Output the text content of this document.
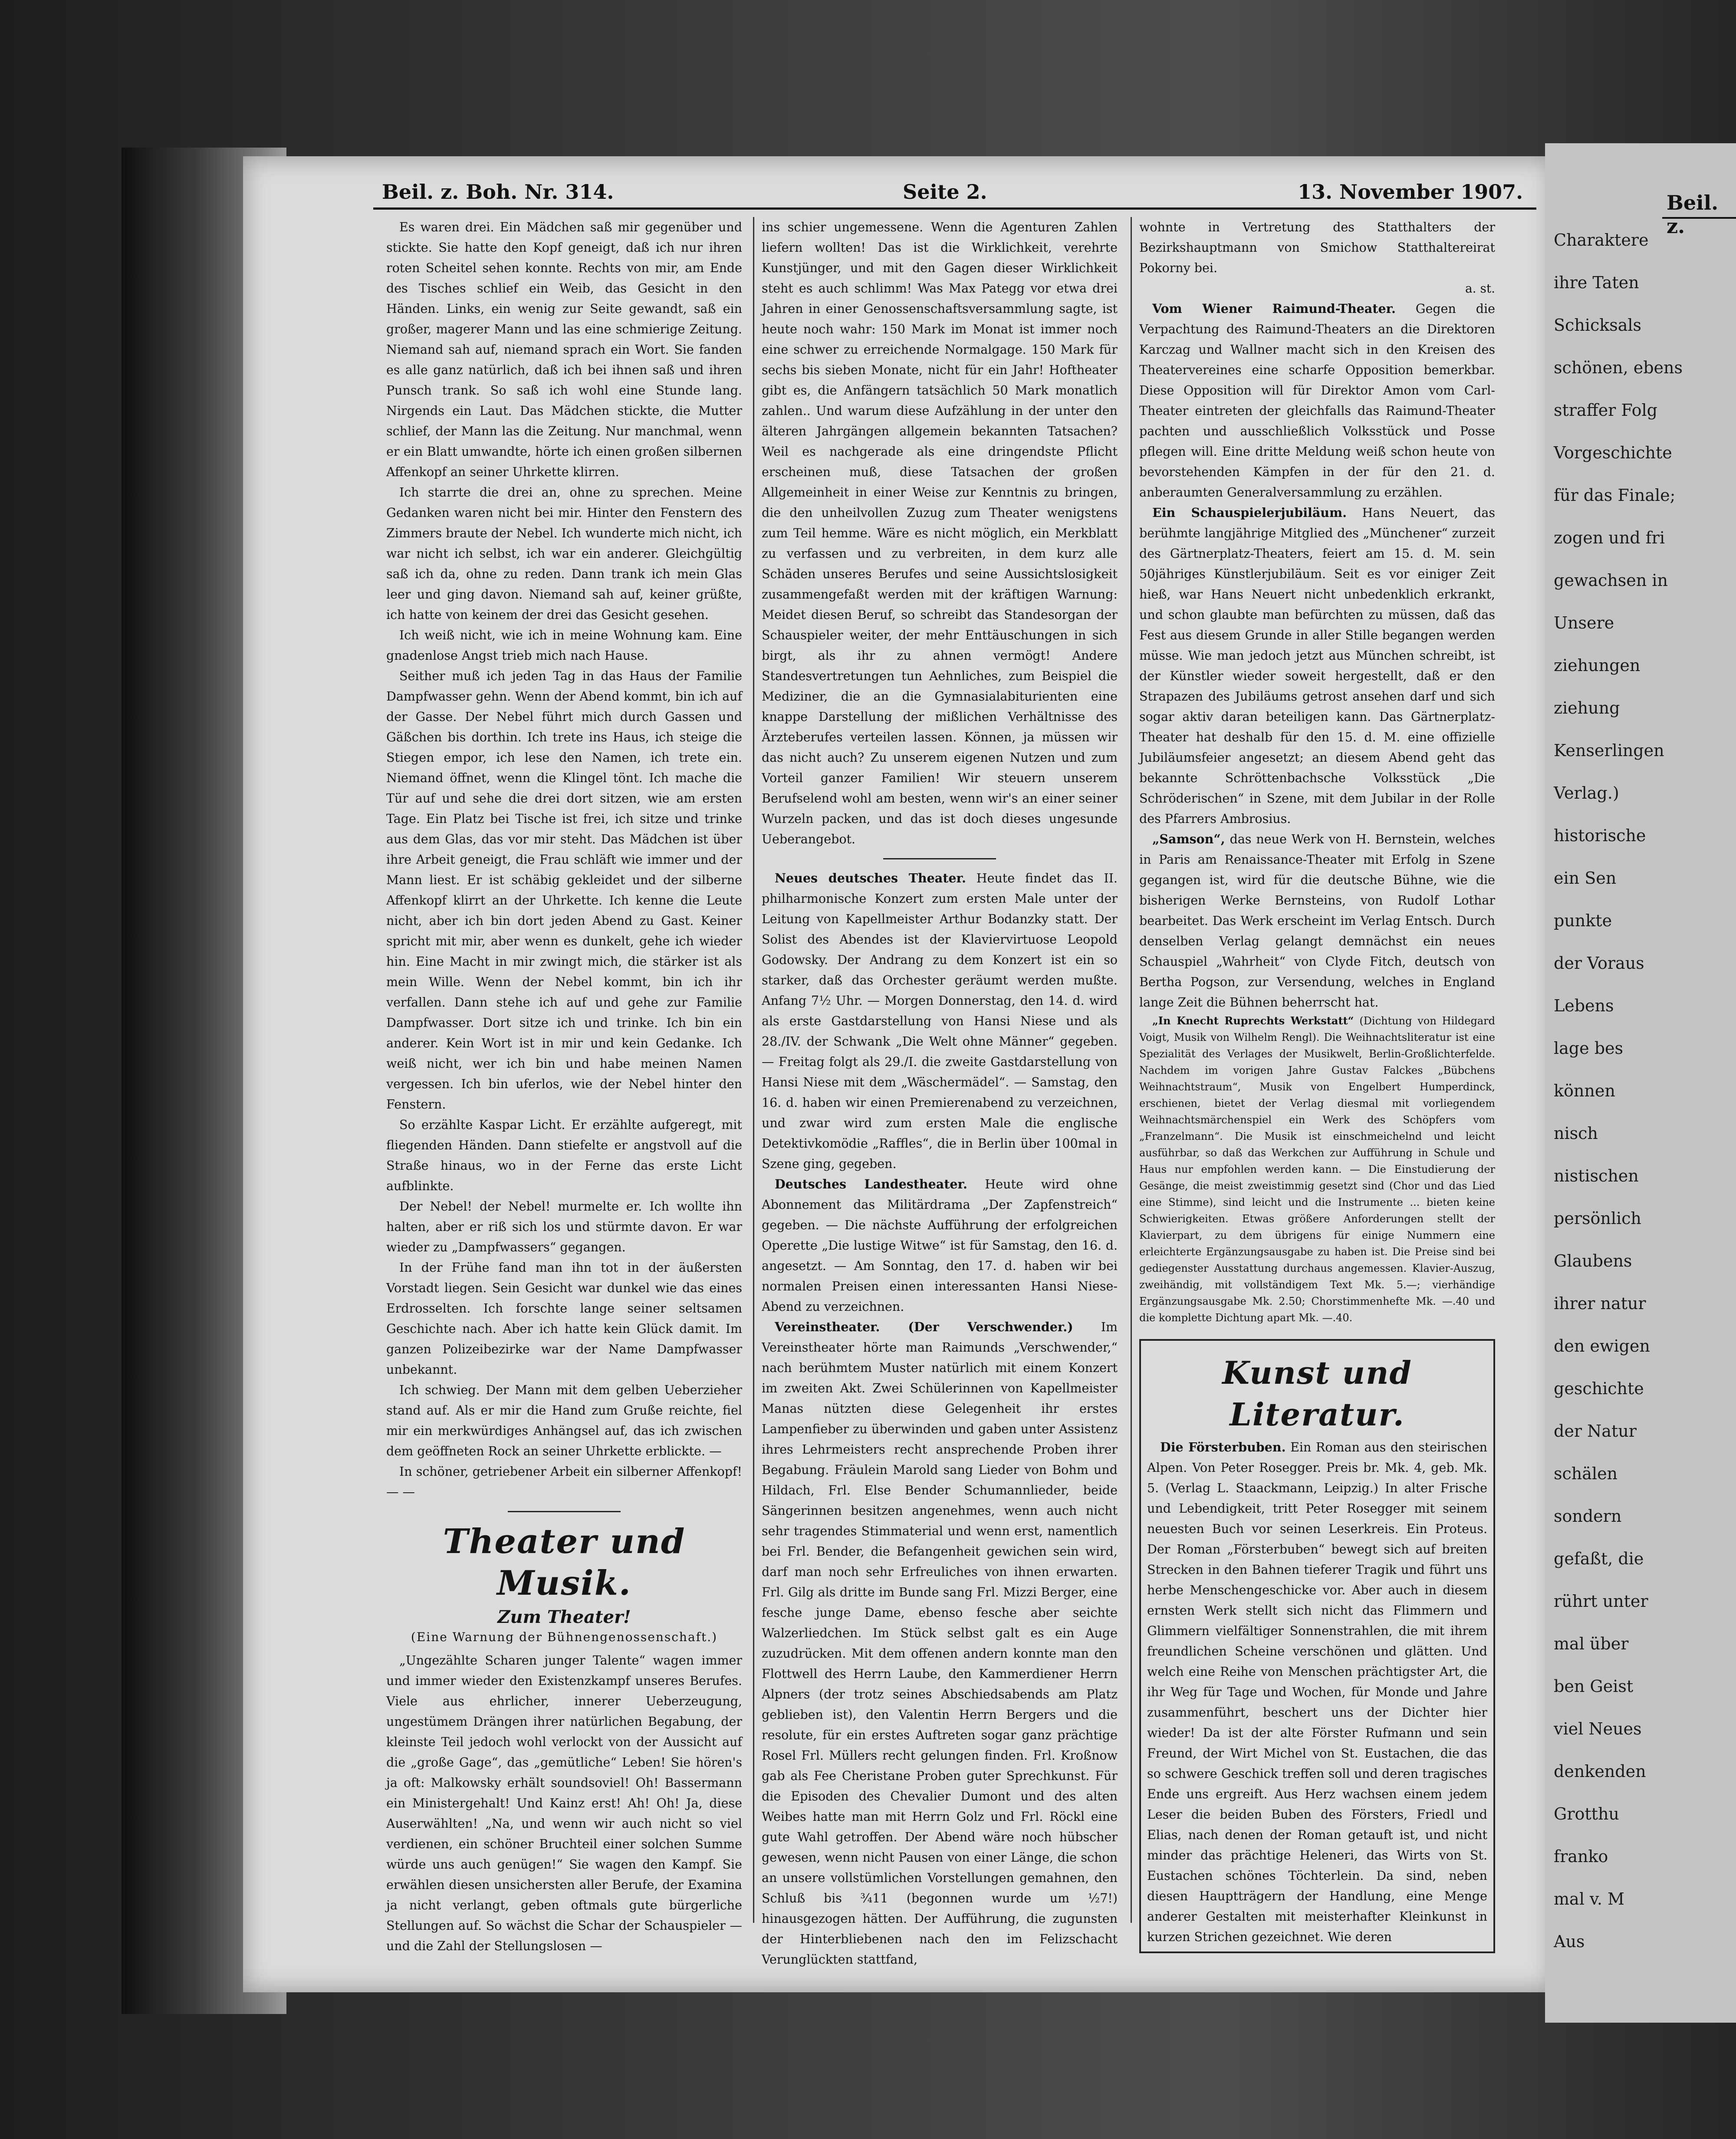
Beil. z. Boh. Nr. 314.	Seite 2.	13. November 1907.

Es waren drei. Ein Mädchen saß mir gegenüber und stickte. Sie hatte den Kopf geneigt, daß ich nur ihren roten Scheitel sehen konnte. Rechts von mir, am Ende des Tisches schlief ein Weib, das Gesicht in den Händen. Links, ein wenig zur Seite gewandt, saß ein großer, magerer Mann und las eine schmierige Zeitung. Niemand sah auf, niemand sprach ein Wort. Sie fanden es alle ganz natürlich, daß ich bei ihnen saß und ihren Punsch trank. So saß ich wohl eine Stunde lang. Nirgends ein Laut. Das Mädchen stickte, die Mutter schlief, der Mann las die Zeitung. Nur manchmal, wenn er ein Blatt umwandte, hörte ich einen großen silbernen Affenkopf an seiner Uhrkette klirren.

Ich starrte die drei an, ohne zu sprechen. Meine Gedanken waren nicht bei mir. Hinter den Fenstern des Zimmers braute der Nebel. Ich wunderte mich nicht, ich war nicht ich selbst, ich war ein anderer. Gleichgültig saß ich da, ohne zu reden. Dann trank ich mein Glas leer und ging davon. Niemand sah auf, keiner grüßte, ich hatte von keinem der drei das Gesicht gesehen.

Ich weiß nicht, wie ich in meine Wohnung kam. Eine gnadenlose Angst trieb mich nach Hause.

Seither muß ich jeden Tag in das Haus der Familie Dampfwasser gehn. Wenn der Abend kommt, bin ich auf der Gasse. Der Nebel führt mich durch Gassen und Gäßchen bis dorthin. Ich trete ins Haus, ich steige die Stiegen empor, ich lese den Namen, ich trete ein. Niemand öffnet, wenn die Klingel tönt. Ich mache die Tür auf und sehe die drei dort sitzen, wie am ersten Tage. Ein Platz bei Tische ist frei, ich sitze und trinke aus dem Glas, das vor mir steht. Das Mädchen ist über ihre Arbeit geneigt, die Frau schläft wie immer und der Mann liest. Er ist schäbig gekleidet und der silberne Affenkopf klirrt an der Uhrkette. Ich kenne die Leute nicht, aber ich bin dort jeden Abend zu Gast. Keiner spricht mit mir, aber wenn es dunkelt, gehe ich wieder hin. Eine Macht in mir zwingt mich, die stärker ist als mein Wille. Wenn der Nebel kommt, bin ich ihr verfallen. Dann stehe ich auf und gehe zur Familie Dampfwasser. Dort sitze ich und trinke. Ich bin ein anderer. Kein Wort ist in mir und kein Gedanke. Ich weiß nicht, wer ich bin und habe meinen Namen vergessen. Ich bin uferlos, wie der Nebel hinter den Fenstern.

So erzählte Kaspar Licht. Er erzählte aufgeregt, mit fliegenden Händen. Dann stiefelte er angstvoll auf die Straße hinaus, wo in der Ferne das erste Licht aufblinkte.

Der Nebel! der Nebel! murmelte er. Ich wollte ihn halten, aber er riß sich los und stürmte davon. Er war wieder zu „Dampfwassers“ gegangen.

In der Frühe fand man ihn tot in der äußersten Vorstadt liegen. Sein Gesicht war dunkel wie das eines Erdrosselten. Ich forschte lange seiner seltsamen Geschichte nach. Aber ich hatte kein Glück damit. Im ganzen Polizeibezirke war der Name Dampfwasser unbekannt.

Ich schwieg. Der Mann mit dem gelben Ueberzieher stand auf. Als er mir die Hand zum Gruße reichte, fiel mir ein merkwürdiges Anhängsel auf, das ich zwischen dem geöffneten Rock an seiner Uhrkette erblickte. —

In schöner, getriebener Arbeit ein silberner Affenkopf! — —

Theater und Musik.
Zum Theater!
(Eine Warnung der Bühnengenossenschaft.)

„Ungezählte Scharen junger Talente“ wagen immer und immer wieder den Existenzkampf unseres Berufes. Viele aus ehrlicher, innerer Ueberzeugung, ungestümem Drängen ihrer natürlichen Begabung, der kleinste Teil jedoch wohl verlockt von der Aussicht auf die „große Gage“, das „gemütliche“ Leben! Sie hören's ja oft: Malkowsky erhält soundsoviel! Oh! Bassermann ein Ministergehalt! Und Kainz erst! Ah! Oh! Ja, diese Auserwählten! „Na, und wenn wir auch nicht so viel verdienen, ein schöner Bruchteil einer solchen Summe würde uns auch genügen!“ Sie wagen den Kampf. Sie erwählen diesen unsichersten aller Berufe, der Examina ja nicht verlangt, geben oftmals gute bürgerliche Stellungen auf. So wächst die Schar der Schauspieler — und die Zahl der Stellungslosen —

ins schier ungemessene. Wenn die Agenturen Zahlen liefern wollten! Das ist die Wirklichkeit, verehrte Kunstjünger, und mit den Gagen dieser Wirklichkeit steht es auch schlimm! Was Max Pategg vor etwa drei Jahren in einer Genossenschaftsversammlung sagte, ist heute noch wahr: 150 Mark im Monat ist immer noch eine schwer zu erreichende Normalgage. 150 Mark für sechs bis sieben Monate, nicht für ein Jahr! Hoftheater gibt es, die Anfängern tatsächlich 50 Mark monatlich zahlen.. Und warum diese Aufzählung in der unter den älteren Jahrgängen allgemein bekannten Tatsachen? Weil es nachgerade als eine dringendste Pflicht erscheinen muß, diese Tatsachen der großen Allgemeinheit in einer Weise zur Kenntnis zu bringen, die den unheilvollen Zuzug zum Theater wenigstens zum Teil hemme. Wäre es nicht möglich, ein Merkblatt zu verfassen und zu verbreiten, in dem kurz alle Schäden unseres Berufes und seine Aussichtslosigkeit zusammengefaßt werden mit der kräftigen Warnung: Meidet diesen Beruf, so schreibt das Standesorgan der Schauspieler weiter, der mehr Enttäuschungen in sich birgt, als ihr zu ahnen vermögt! Andere Standesvertretungen tun Aehnliches, zum Beispiel die Mediziner, die an die Gymnasialabiturienten eine knappe Darstellung der mißlichen Verhältnisse des Ärzteberufes verteilen lassen. Können, ja müssen wir das nicht auch? Zu unserem eigenen Nutzen und zum Vorteil ganzer Familien! Wir steuern unserem Berufselend wohl am besten, wenn wir's an einer seiner Wurzeln packen, und das ist doch dieses ungesunde Ueberangebot.

Neues deutsches Theater. Heute findet das II. philharmonische Konzert zum ersten Male unter der Leitung von Kapellmeister Arthur Bodanzky statt. Der Solist des Abendes ist der Klaviervirtuose Leopold Godowsky. Der Andrang zu dem Konzert ist ein so starker, daß das Orchester geräumt werden mußte. Anfang 7½ Uhr. — Morgen Donnerstag, den 14. d. wird als erste Gastdarstellung von Hansi Niese und als 28./IV. der Schwank „Die Welt ohne Männer“ gegeben. — Freitag folgt als 29./I. die zweite Gastdarstellung von Hansi Niese mit dem „Wäschermädel“. — Samstag, den 16. d. haben wir einen Premierenabend zu verzeichnen, und zwar wird zum ersten Male die englische Detektivkomödie „Raffles“, die in Berlin über 100mal in Szene ging, gegeben.

Deutsches Landestheater. Heute wird ohne Abonnement das Militärdrama „Der Zapfenstreich“ gegeben. — Die nächste Aufführung der erfolgreichen Operette „Die lustige Witwe“ ist für Samstag, den 16. d. angesetzt. — Am Sonntag, den 17. d. haben wir bei normalen Preisen einen interessanten Hansi Niese-Abend zu verzeichnen.

Vereinstheater. (Der Verschwender.) Im Vereinstheater hörte man Raimunds „Verschwender,“ nach berühmtem Muster natürlich mit einem Konzert im zweiten Akt. Zwei Schülerinnen von Kapellmeister Manas nützten diese Gelegenheit ihr erstes Lampenfieber zu überwinden und gaben unter Assistenz ihres Lehrmeisters recht ansprechende Proben ihrer Begabung. Fräulein Marold sang Lieder von Bohm und Hildach, Frl. Else Bender Schumannlieder, beide Sängerinnen besitzen angenehmes, wenn auch nicht sehr tragendes Stimmaterial und wenn erst, namentlich bei Frl. Bender, die Befangenheit gewichen sein wird, darf man noch sehr Erfreuliches von ihnen erwarten. Frl. Gilg als dritte im Bunde sang Frl. Mizzi Berger, eine fesche junge Dame, ebenso fesche aber seichte Walzerliedchen. Im Stück selbst galt es ein Auge zuzudrücken. Mit dem offenen andern konnte man den Flottwell des Herrn Laube, den Kammerdiener Herrn Alpners (der trotz seines Abschiedsabends am Platz geblieben ist), den Valentin Herrn Bergers und die resolute, für ein erstes Auftreten sogar ganz prächtige Rosel Frl. Müllers recht gelungen finden. Frl. Kroßnow gab als Fee Cheristane Proben guter Sprechkunst. Für die Episoden des Chevalier Dumont und des alten Weibes hatte man mit Herrn Golz und Frl. Röckl eine gute Wahl getroffen. Der Abend wäre noch hübscher gewesen, wenn nicht Pausen von einer Länge, die schon an unsere vollstümlichen Vorstellungen gemahnen, den Schluß bis ¾11 (begonnen wurde um ½7!) hinausgezogen hätten. Der Aufführung, die zugunsten der Hinterbliebenen nach den im Felizschacht Verunglückten stattfand,

wohnte in Vertretung des Statthalters der Bezirkshauptmann von Smichow Statthaltereirat Pokorny bei.

a. st.

Vom Wiener Raimund-Theater. Gegen die Verpachtung des Raimund-Theaters an die Direktoren Karczag und Wallner macht sich in den Kreisen des Theatervereines eine scharfe Opposition bemerkbar. Diese Opposition will für Direktor Amon vom Carl-Theater eintreten der gleichfalls das Raimund-Theater pachten und ausschließlich Volksstück und Posse pflegen will. Eine dritte Meldung weiß schon heute von bevorstehenden Kämpfen in der für den 21. d. anberaumten Generalversammlung zu erzählen.

Ein Schauspielerjubiläum. Hans Neuert, das berühmte langjährige Mitglied des „Münchener“ zurzeit des Gärtnerplatz-Theaters, feiert am 15. d. M. sein 50jähriges Künstlerjubiläum. Seit es vor einiger Zeit hieß, war Hans Neuert nicht unbedenklich erkrankt, und schon glaubte man befürchten zu müssen, daß das Fest aus diesem Grunde in aller Stille begangen werden müsse. Wie man jedoch jetzt aus München schreibt, ist der Künstler wieder soweit hergestellt, daß er den Strapazen des Jubiläums getrost ansehen darf und sich sogar aktiv daran beteiligen kann. Das Gärtnerplatz-Theater hat deshalb für den 15. d. M. eine offizielle Jubiläumsfeier angesetzt; an diesem Abend geht das bekannte Schröttenbachsche Volksstück „Die Schröderischen“ in Szene, mit dem Jubilar in der Rolle des Pfarrers Ambrosius.

„Samson“, das neue Werk von H. Bernstein, welches in Paris am Renaissance-Theater mit Erfolg in Szene gegangen ist, wird für die deutsche Bühne, wie die bisherigen Werke Bernsteins, von Rudolf Lothar bearbeitet. Das Werk erscheint im Verlag Entsch. Durch denselben Verlag gelangt demnächst ein neues Schauspiel „Wahrheit“ von Clyde Fitch, deutsch von Bertha Pogson, zur Versendung, welches in England lange Zeit die Bühnen beherrscht hat.

„In Knecht Ruprechts Werkstatt“ (Dichtung von Hildegard Voigt, Musik von Wilhelm Rengl). Die Weihnachtsliteratur ist eine Spezialität des Verlages der Musikwelt, Berlin-Großlichterfelde. Nachdem im vorigen Jahre Gustav Falckes „Bübchens Weihnachtstraum“, Musik von Engelbert Humperdinck, erschienen, bietet der Verlag diesmal mit vorliegendem Weihnachtsmärchenspiel ein Werk des Schöpfers vom „Franzelmann“. Die Musik ist einschmeichelnd und leicht ausführbar, so daß das Werkchen zur Aufführung in Schule und Haus nur empfohlen werden kann. — Die Einstudierung der Gesänge, die meist zweistimmig gesetzt sind (Chor und das Lied eine Stimme), sind leicht und die Instrumente ... bieten keine Schwierigkeiten. Etwas größere Anforderungen stellt der Klavierpart, zu dem übrigens für einige Nummern eine erleichterte Ergänzungsausgabe zu haben ist. Die Preise sind bei gediegenster Ausstattung durchaus angemessen. Klavier-Auszug, zweihändig, mit vollständigem Text Mk. 5.—; vierhändige Ergänzungsausgabe Mk. 2.50; Chorstimmenhefte Mk. —.40 und die komplette Dichtung apart Mk. —.40.

Kunst und Literatur.

Die Försterbuben. Ein Roman aus den steirischen Alpen. Von Peter Rosegger. Preis br. Mk. 4, geb. Mk. 5. (Verlag L. Staackmann, Leipzig.) In alter Frische und Lebendigkeit, tritt Peter Rosegger mit seinem neuesten Buch vor seinen Leserkreis. Ein Proteus. Der Roman „Försterbuben“ bewegt sich auf breiten Strecken in den Bahnen tieferer Tragik und führt uns herbe Menschengeschicke vor. Aber auch in diesem ernsten Werk stellt sich nicht das Flimmern und Glimmern vielfältiger Sonnenstrahlen, die mit ihrem freundlichen Scheine verschönen und glätten. Und welch eine Reihe von Menschen prächtigster Art, die ihr Weg für Tage und Wochen, für Monde und Jahre zusammenführt, beschert uns der Dichter hier wieder! Da ist der alte Förster Rufmann und sein Freund, der Wirt Michel von St. Eustachen, die das so schwere Geschick treffen soll und deren tragisches Ende uns ergreift. Aus Herz wachsen einem jedem Leser die beiden Buben des Försters, Friedl und Elias, nach denen der Roman getauft ist, und nicht minder das prächtige Heleneri, das Wirts von St. Eustachen schönes Töchterlein. Da sind, neben diesen Hauptträgern der Handlung, eine Menge anderer Gestalten mit meisterhafter Kleinkunst in kurzen Strichen gezeichnet. Wie deren

Beil. z.
Charaktere
ihre Taten
Schicksals
schönen, ebens
straffer Folg
Vorgeschichte
für das Finale;
zogen und fri
gewachsen in
Unsere
ziehungen
ziehung
Kenserlingen
Verlag.)
historische
ein Sen
punkte
der Voraus
Lebens
lage bes
können
nisch
nistischen
persönlich
Glaubens
ihrer natur
den ewigen
geschichte
der Natur
schälen
sondern
gefaßt, die
rührt unter
mal über
ben Geist
viel Neues
denkenden
Grotthu
franko
mal v. M
Aus
